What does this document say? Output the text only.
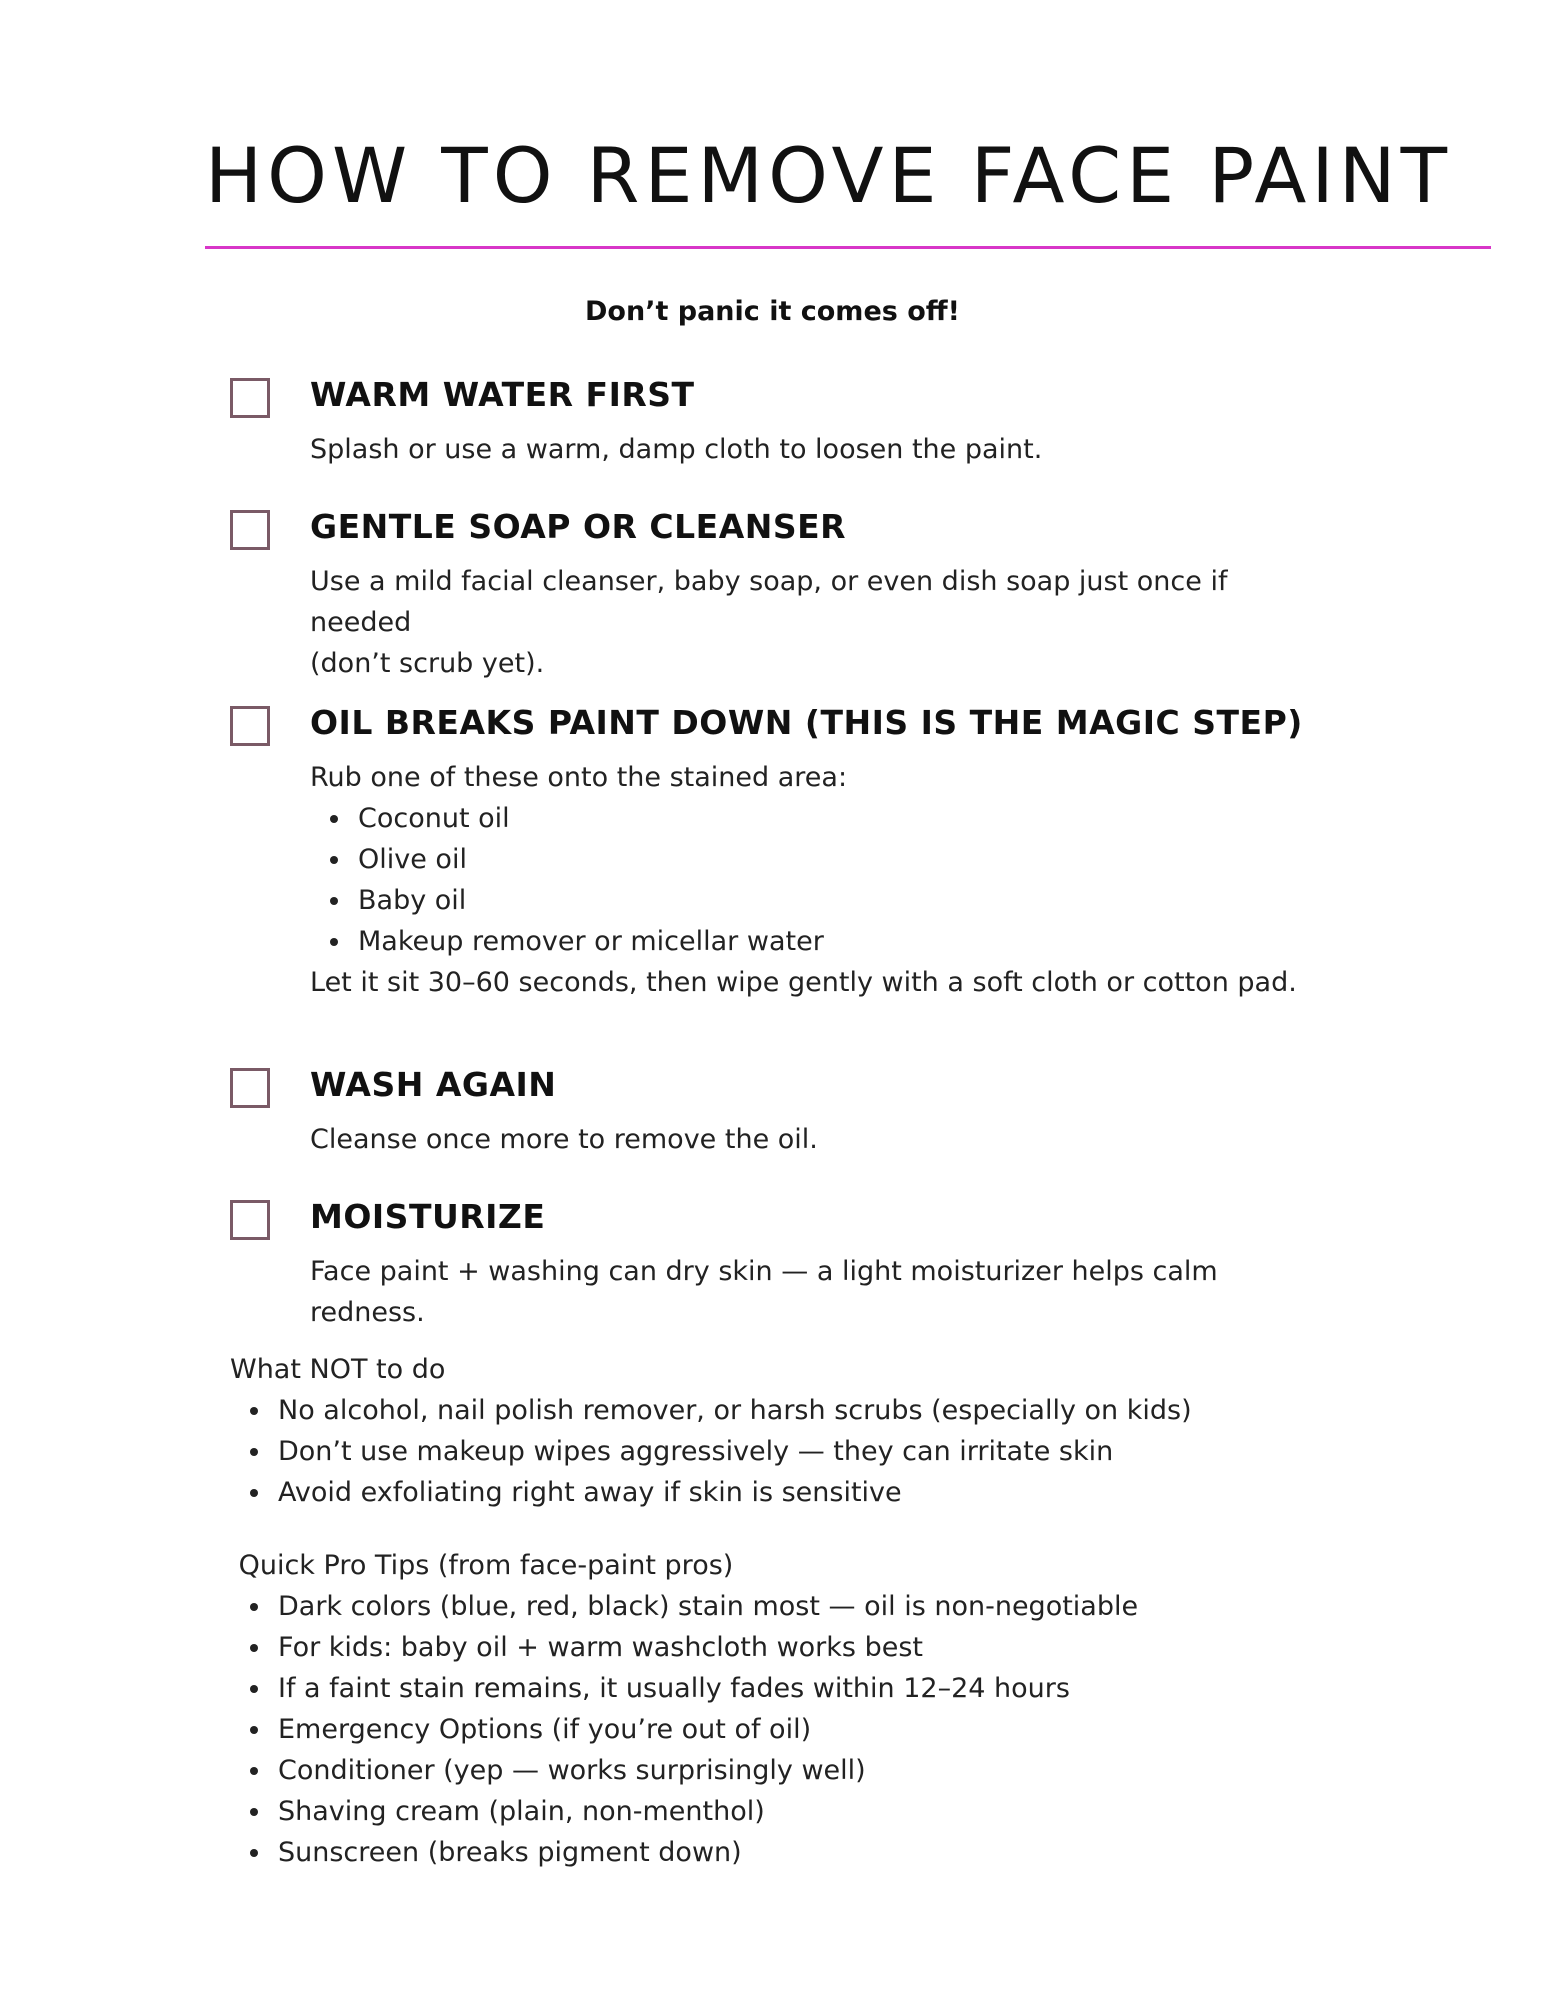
HOW TO REMOVE FACE PAINT
Don’t panic it comes off!
WARM WATER FIRST
Splash or use a warm, damp cloth to loosen the paint.
GENTLE SOAP OR CLEANSER
Use a mild facial cleanser, baby soap, or even dish soap just once if needed
(don’t scrub yet).
OIL BREAKS PAINT DOWN (THIS IS THE MAGIC STEP)
Rub one of these onto the stained area:
Coconut oil
Olive oil
Baby oil
Makeup remover or micellar water
Let it sit 30–60 seconds, then wipe gently with a soft cloth or cotton pad.
WASH AGAIN
Cleanse once more to remove the oil.
MOISTURIZE
Face paint + washing can dry skin — a light moisturizer helps calm redness.
What NOT to do
No alcohol, nail polish remover, or harsh scrubs (especially on kids)
Don’t use makeup wipes aggressively — they can irritate skin
Avoid exfoliating right away if skin is sensitive
Quick Pro Tips (from face-paint pros)
Dark colors (blue, red, black) stain most — oil is non-negotiable
For kids: baby oil + warm washcloth works best
If a faint stain remains, it usually fades within 12–24 hours
Emergency Options (if you’re out of oil)
Conditioner (yep — works surprisingly well)
Shaving cream (plain, non-menthol)
Sunscreen (breaks pigment down)
